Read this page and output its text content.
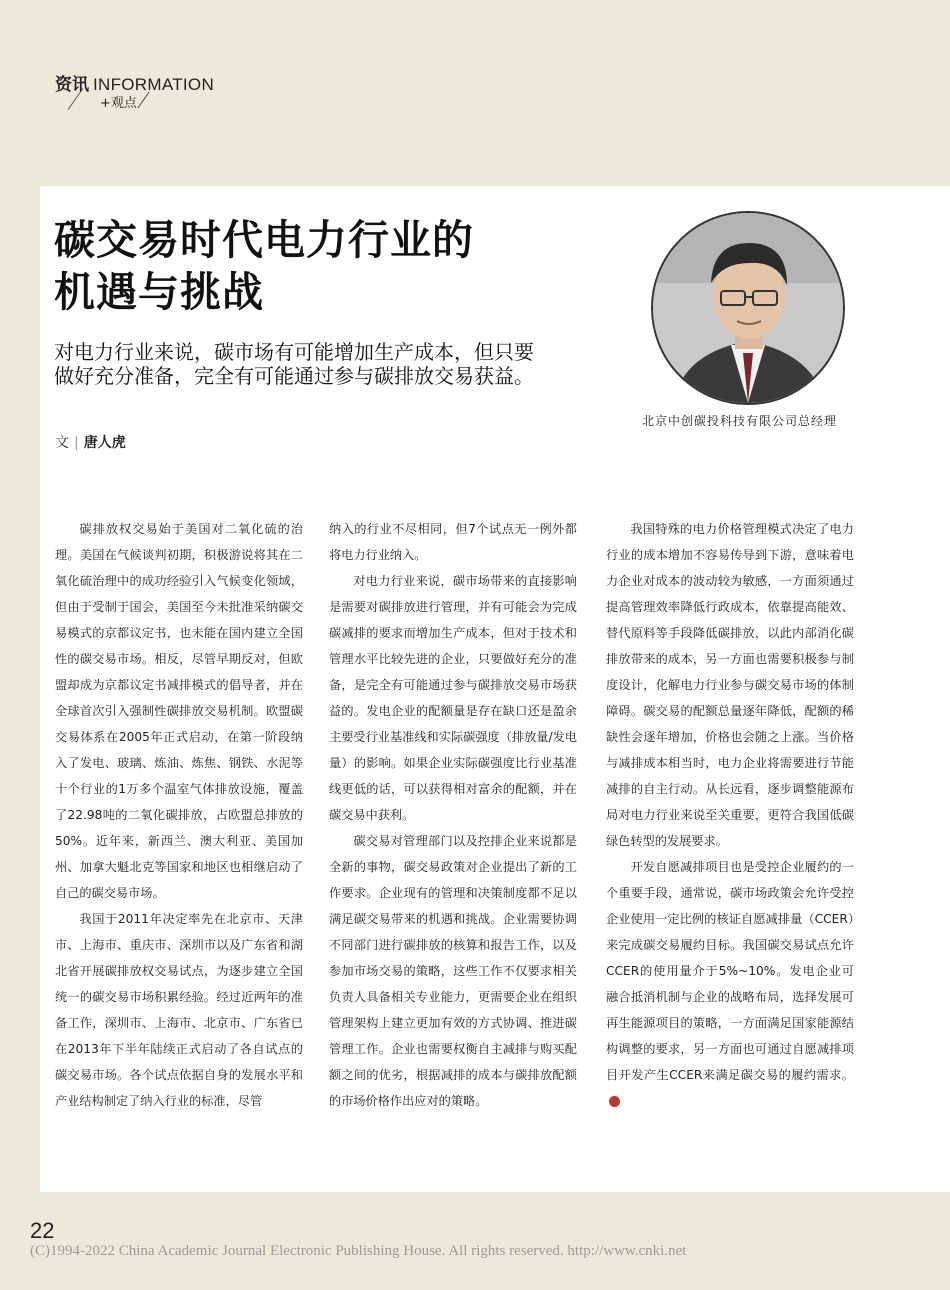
资讯 INFORMATION
+观点
碳交易时代电力行业的
机遇与挑战
对电力行业来说，碳市场有可能增加生产成本，但只要
做好充分准备，完全有可能通过参与碳排放交易获益。
文 | 唐人虎
北京中创碳投科技有限公司总经理

碳排放权交易始于美国对二氧化硫的治理。美国在气候谈判初期，积极游说将其在二氧化硫治理中的成功经验引入气候变化领域，但由于受制于国会，美国至今未批准采纳碳交易模式的京都议定书，也未能在国内建立全国性的碳交易市场。相反，尽管早期反对，但欧盟却成为京都议定书减排模式的倡导者，并在全球首次引入强制性碳排放交易机制。欧盟碳交易体系在2005年正式启动，在第一阶段纳入了发电、玻璃、炼油、炼焦、钢铁、水泥等十个行业的1万多个温室气体排放设施，覆盖了22.98吨的二氧化碳排放，占欧盟总排放的50%。近年来，新西兰、澳大利亚、美国加州、加拿大魁北克等国家和地区也相继启动了自己的碳交易市场。

我国于2011年决定率先在北京市、天津市、上海市、重庆市、深圳市以及广东省和湖北省开展碳排放权交易试点，为逐步建立全国统一的碳交易市场积累经验。经过近两年的准备工作，深圳市、上海市、北京市、广东省已在2013年下半年陆续正式启动了各自试点的碳交易市场。各个试点依据自身的发展水平和产业结构制定了纳入行业的标准，尽管

纳入的行业不尽相同，但7个试点无一例外都将电力行业纳入。

对电力行业来说，碳市场带来的直接影响是需要对碳排放进行管理，并有可能会为完成碳减排的要求而增加生产成本，但对于技术和管理水平比较先进的企业，只要做好充分的准备，是完全有可能通过参与碳排放交易市场获益的。发电企业的配额量是存在缺口还是盈余主要受行业基准线和实际碳强度（排放量/发电量）的影响。如果企业实际碳强度比行业基准线更低的话，可以获得相对富余的配额，并在碳交易中获利。

碳交易对管理部门以及控排企业来说都是全新的事物，碳交易政策对企业提出了新的工作要求。企业现有的管理和决策制度都不足以满足碳交易带来的机遇和挑战。企业需要协调不同部门进行碳排放的核算和报告工作，以及参加市场交易的策略，这些工作不仅要求相关负责人具备相关专业能力，更需要企业在组织管理架构上建立更加有效的方式协调、推进碳管理工作。企业也需要权衡自主减排与购买配额之间的优劣，根据减排的成本与碳排放配额的市场价格作出应对的策略。

我国特殊的电力价格管理模式决定了电力行业的成本增加不容易传导到下游，意味着电力企业对成本的波动较为敏感，一方面须通过提高管理效率降低行政成本，依靠提高能效、替代原料等手段降低碳排放，以此内部消化碳排放带来的成本，另一方面也需要积极参与制度设计，化解电力行业参与碳交易市场的体制障碍。碳交易的配额总量逐年降低，配额的稀缺性会逐年增加，价格也会随之上涨。当价格与减排成本相当时，电力企业将需要进行节能减排的自主行动。从长远看，逐步调整能源布局对电力行业来说至关重要，更符合我国低碳绿色转型的发展要求。

开发自愿减排项目也是受控企业履约的一个重要手段，通常说，碳市场政策会允许受控企业使用一定比例的核证自愿减排量（CCER）来完成碳交易履约目标。我国碳交易试点允许CCER的使用量介于5%~10%。发电企业可融合抵消机制与企业的战略布局，选择发展可再生能源项目的策略，一方面满足国家能源结构调整的要求，另一方面也可通过自愿减排项目开发产生CCER来满足碳交易的履约需求。

22
(C)1994-2022 China Academic Journal Electronic Publishing House. All rights reserved. http://www.cnki.net
